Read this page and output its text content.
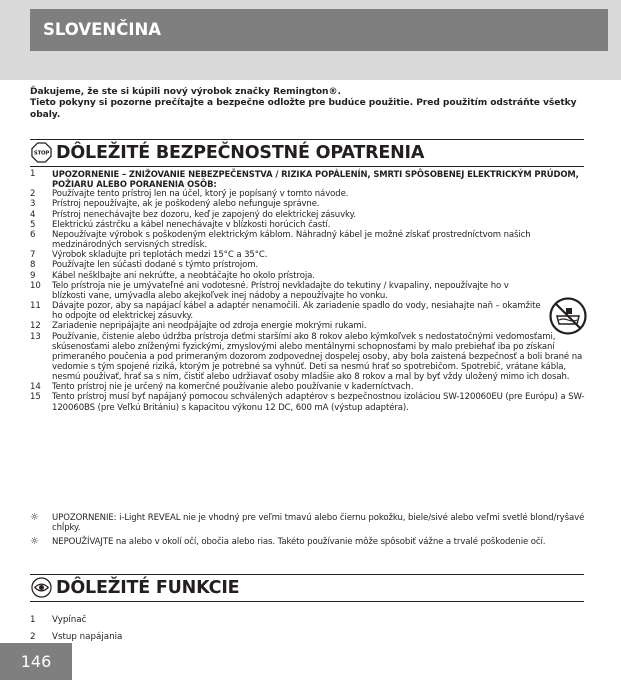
SLOVENČINA
Ďakujeme, že ste si kúpili nový výrobok značky Remington®.
Tieto pokyny si pozorne prečítajte a bezpečne odložte pre budúce použitie. Pred použitím odstráňte všetky obaly.
STOP DÔLEŽITÉ BEZPEČNOSTNÉ OPATRENIA
1	UPOZORNENIE – ZNIŽOVANIE NEBEZPEČENSTVA / RIZIKA POPÁLENÍN, SMRTI SPÔSOBENEJ ELEKTRICKÝM PRÚDOM, POŽIARU ALEBO PORANENIA OSÔB:
2	Používajte tento prístroj len na účel, ktorý je popísaný v tomto návode.
3	Prístroj nepoužívajte, ak je poškodený alebo nefunguje správne.
4	Prístroj nenechávajte bez dozoru, keď je zapojený do elektrickej zásuvky.
5	Elektrickú zástrčku a kábel nenechávajte v blízkosti horúcich častí.
6	Nepoužívajte výrobok s poškodeným elektrickým káblom. Náhradný kábel je možné získať prostredníctvom našich medzinárodných servisných stredísk.
7	Výrobok skladujte pri teplotách medzi 15°C a 35°C.
8	Používajte len súčasti dodané s týmto prístrojom.
9	Kábel nešklbajte ani nekrúťte, a neobtáčajte ho okolo prístroja.
10	Telo prístroja nie je umývateľné ani vodotesné. Prístroj nevkladajte do tekutiny / kvapaliny, nepoužívajte ho v blízkosti vane, umývadla alebo akejkoľvek inej nádoby a nepoužívajte ho vonku.
11	Dávajte pozor, aby sa napájací kábel a adaptér nenamočili. Ak zariadenie spadlo do vody, nesiahajte naň – okamžite ho odpojte od elektrickej zásuvky.
12	Zariadenie nepripájajte ani neodpájajte od zdroja energie mokrými rukami.
13	Používanie, čistenie alebo údržba prístroja deťmi staršími ako 8 rokov alebo kýmkoľvek s nedostatočnými vedomosťami, skúsenosťami alebo zníženými fyzickými, zmyslovými alebo mentálnymi schopnosťami by malo prebiehať iba po získaní primeraného poučenia a pod primeraným dozorom zodpovednej dospelej osoby, aby bola zaistená bezpečnosť a boli brané na vedomie s tým spojené riziká, ktorým je potrebné sa vyhnúť. Deti sa nesmú hrať so spotrebičom. Spotrebič, vrátane kábla, nesmú používať, hrať sa s ním, čistiť alebo udržiavať osoby mladšie ako 8 rokov a mal by byť vždy uložený mimo ich dosah.
14	Tento prístroj nie je určený na komerčné používanie alebo používanie v kaderníctvach.
15	Tento prístroj musí byť napájaný pomocou schválených adaptérov s bezpečnostnou izoláciou SW-120060EU (pre Európu) a SW-120060BS (pre Veľkú Britániu) s kapacitou výkonu 12 DC, 600 mA (výstup adaptéra).
☼	UPOZORNENIE: i-Light REVEAL nie je vhodný pre veľmi tmavú alebo čiernu pokožku, biele/sivé alebo veľmi svetlé blond/ryšavé chĺpky.
☼	NEPOUŽÍVAJTE na alebo v okolí očí, obočia alebo rias. Takéto používanie môže spôsobiť vážne a trvalé poškodenie očí.
DÔLEŽITÉ FUNKCIE
1	Vypínač
2	Vstup napájania
146
